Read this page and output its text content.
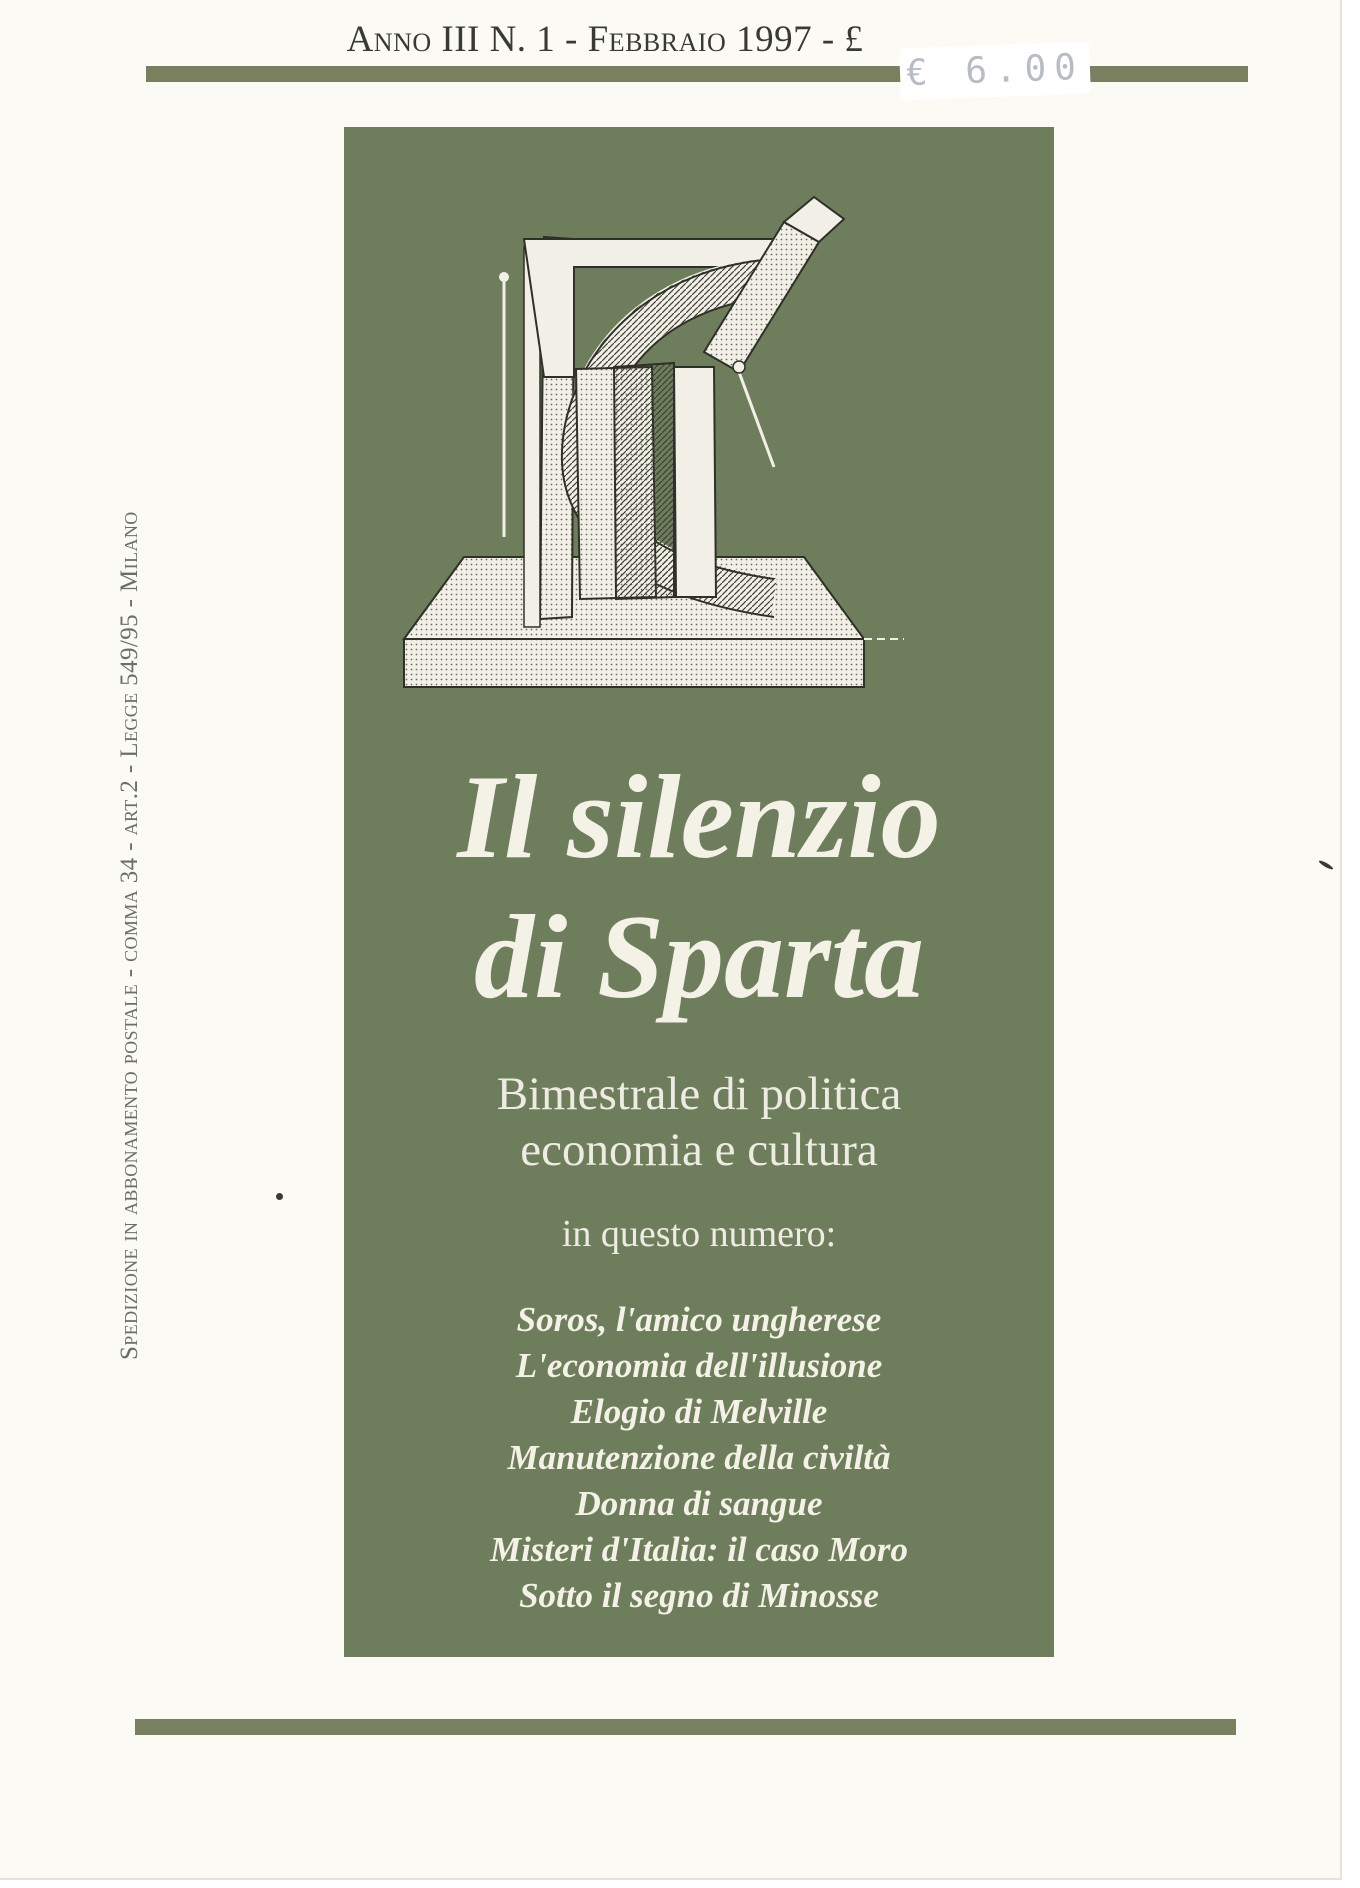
Anno III N. 1 - Febbraio 1997 - £
€ 6.00
Spedizione in abbonamento postale - comma 34 - art.2 - Legge 549/95 - Milano	Il silenzio
di Sparta
Bimestrale di politica
economia e cultura
in questo numero:
Soros, l'amico ungherese
L'economia dell'illusione
Elogio di Melville
Manutenzione della civiltà
Donna di sangue
Misteri d'Italia: il caso Moro
Sotto il segno di Minosse
